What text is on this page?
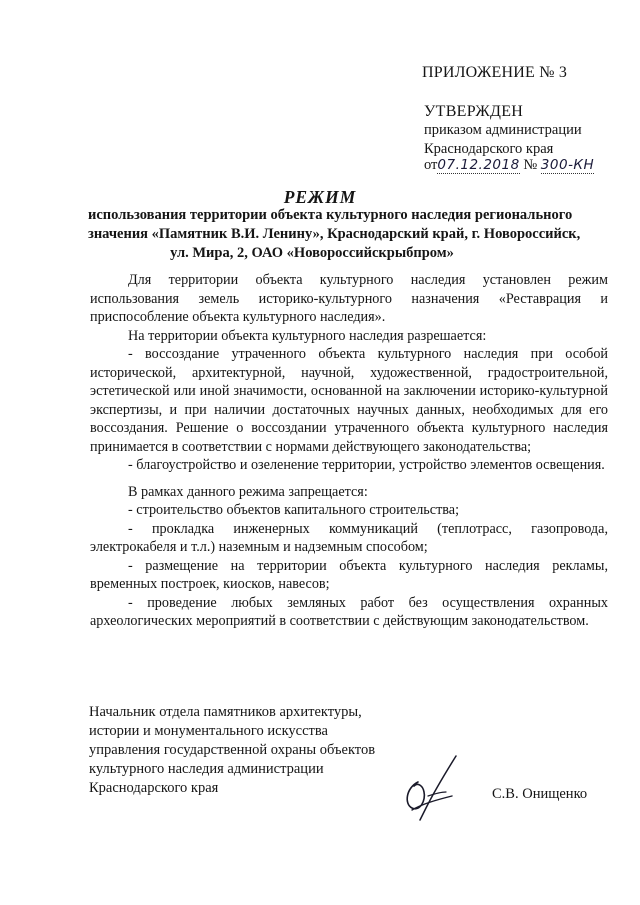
ПРИЛОЖЕНИЕ № 3
УТВЕРЖДЕН
приказом администрации
Краснодарского края
от07.12.2018 № 300-КН
РЕЖИМ
использования территории объекта культурного наследия регионального
значения «Памятник В.И. Ленину», Краснодарский край, г. Новороссийск,
ул. Мира, 2, ОАО «Новороссийскрыбпром»

Для территории объекта культурного наследия установлен режим использования земель историко-культурного назначения «Реставрация и приспособление объекта культурного наследия».

На территории объекта культурного наследия разрешается:

- воссоздание утраченного объекта культурного наследия при особой исторической, архитектурной, научной, художественной, градостроительной, эстетической или иной значимости, основанной на заключении историко-культурной экспертизы, и при наличии достаточных научных данных, необходимых для его воссоздания. Решение о воссоздании утраченного объекта культурного наследия принимается в соответствии с нормами действующего законодательства;

- благоустройство и озеленение территории, устройство элементов освещения.

В рамках данного режима запрещается:

- строительство объектов капитального строительства;

- прокладка инженерных коммуникаций (теплотрасс, газопровода, электрокабеля и т.л.) наземным и надземным способом;

- размещение на территории объекта культурного наследия рекламы, временных построек, киосков, навесов;

- проведение любых земляных работ без осуществления охранных археологических мероприятий в соответствии с действующим законодательством.

Начальник отдела памятников архитектуры,
истории и монументального искусства
управления государственной охраны объектов
культурного наследия администрации
Краснодарского края	С.В. Онищенко
